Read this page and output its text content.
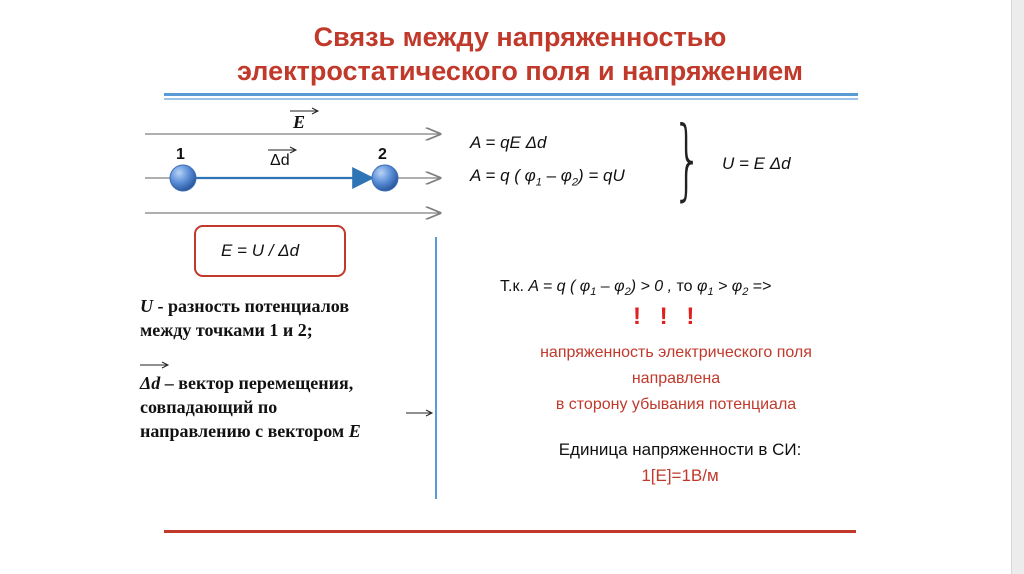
Связь между напряженностью
электростатического поля и напряжением
E
1	2
Δd
A = qE Δd
A = q ( $\varphi_1 - \varphi_2$) = qU } U = E Δd
E = U / Δd
U - разность потенциалов
между точками 1 и 2;
Δd – вектор перемещения,
совпадающий по
направлению с вектором E
Т.к. A = q ( $\varphi_1 - \varphi_2) > 0$ , то $\varphi_1 > \varphi_2$ =>
! ! !
напряженность электрического поля
направлена
в сторону убывания потенциала
Единица напряженности в СИ:
1[E]=1В/м
